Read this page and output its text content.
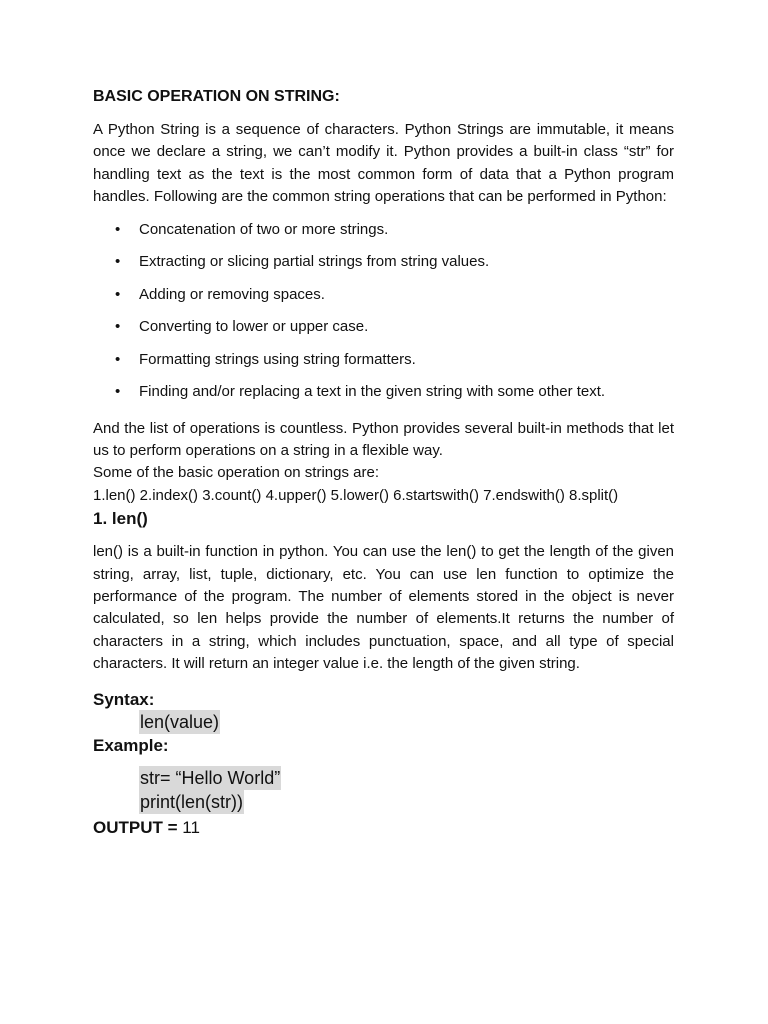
BASIC OPERATION ON STRING:

A Python String is a sequence of characters. Python Strings are immutable, it means once we declare a string, we can’t modify it. Python provides a built-in class “str” for handling text as the text is the most common form of data that a Python program handles. Following are the common string operations that can be performed in Python:

• Concatenation of two or more strings.
• Extracting or slicing partial strings from string values.
• Adding or removing spaces.
• Converting to lower or upper case.
• Formatting strings using string formatters.
• Finding and/or replacing a text in the given string with some other text.

And the list of operations is countless. Python provides several built-in methods that let us to perform operations on a string in a flexible way.

Some of the basic operation on strings are:

1.len() 2.index() 3.count() 4.upper() 5.lower() 6.startswith() 7.endswith() 8.split()

1. len()

len() is a built-in function in python. You can use the len() to get the length of the given string, array, list, tuple, dictionary, etc. You can use len function to optimize the performance of the program. The number of elements stored in the object is never calculated, so len helps provide the number of elements.It returns the number of characters in a string, which includes punctuation, space, and all type of special characters. It will return an integer value i.e. the length of the given string.

Syntax:

len(value)

Example:

str= “Hello World”
print(len(str))

OUTPUT = 11
